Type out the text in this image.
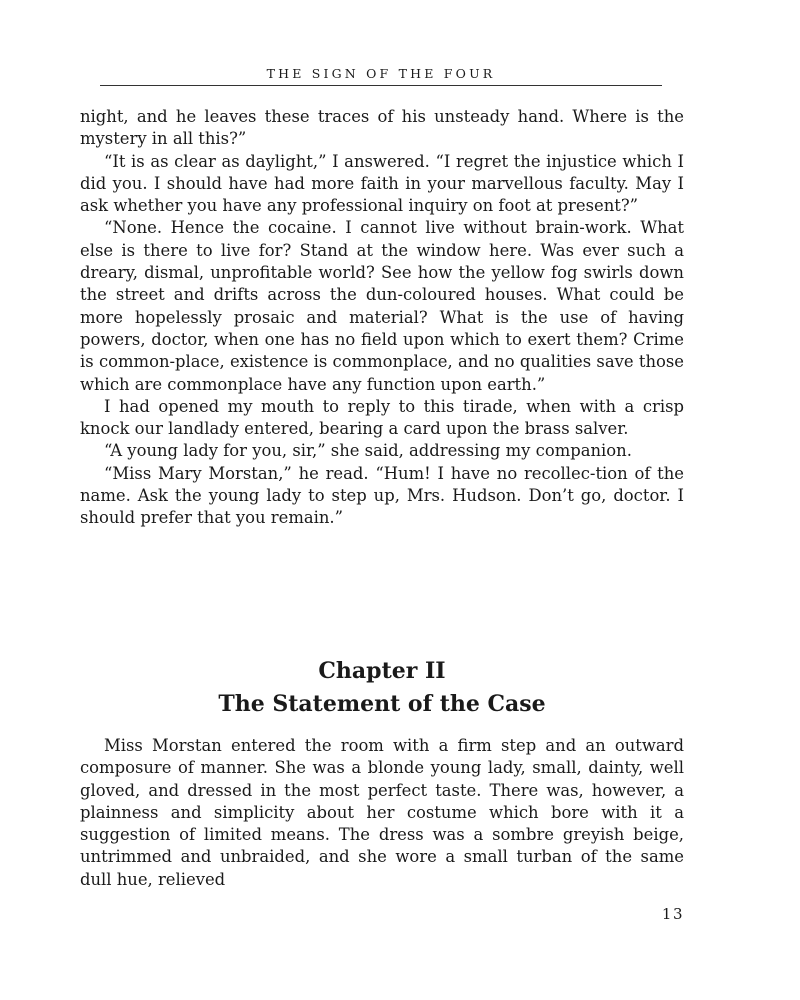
THE SIGN OF THE FOUR

night, and he leaves these traces of his unsteady hand. Where is the mystery in all this?”

“It is as clear as daylight,” I answered. “I regret the injustice which I did you. I should have had more faith in your marvellous faculty. May I ask whether you have any professional inquiry on foot at present?”

“None. Hence the cocaine. I cannot live without brain-work. What else is there to live for? Stand at the window here. Was ever such a dreary, dismal, unprofitable world? See how the yellow fog swirls down the street and drifts across the dun-coloured houses. What could be more hopelessly prosaic and material? What is the use of having powers, doctor, when one has no field upon which to exert them? Crime is common-place, existence is commonplace, and no qualities save those which are commonplace have any function upon earth.”

I had opened my mouth to reply to this tirade, when with a crisp knock our landlady entered, bearing a card upon the brass salver.

“A young lady for you, sir,” she said, addressing my companion.

“Miss Mary Morstan,” he read. “Hum! I have no recollec-tion of the name. Ask the young lady to step up, Mrs. Hudson. Don’t go, doctor. I should prefer that you remain.”

Chapter II
The Statement of the Case

Miss Morstan entered the room with a firm step and an outward composure of manner. She was a blonde young lady, small, dainty, well gloved, and dressed in the most perfect taste. There was, however, a plainness and simplicity about her costume which bore with it a suggestion of limited means. The dress was a sombre greyish beige, untrimmed and unbraided, and she wore a small turban of the same dull hue, relieved

13
